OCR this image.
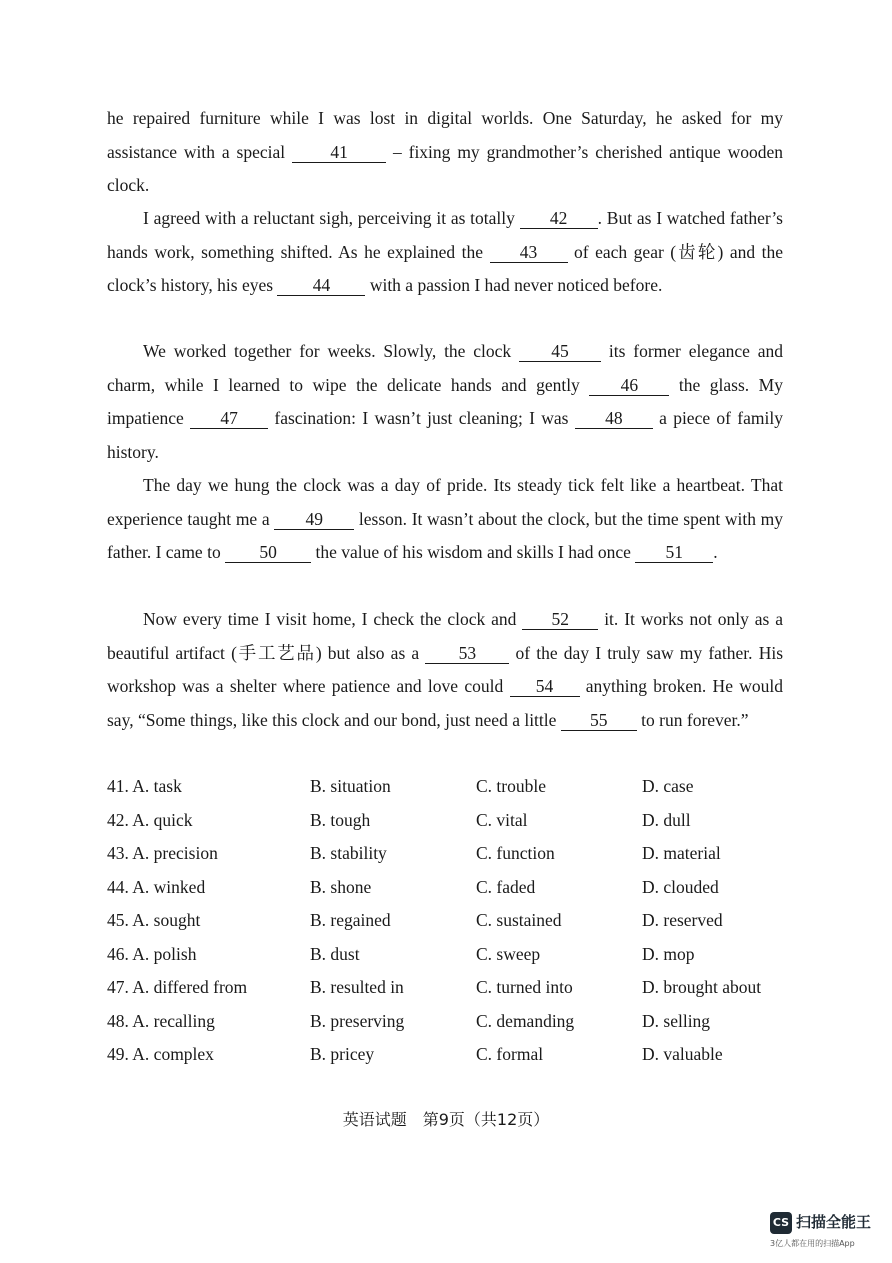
he repaired furniture while I was lost in digital worlds. One Saturday, he asked for my assistance with a special 41 – fixing my grandmother’s cherished antique wooden clock.
I agreed with a reluctant sigh, perceiving it as totally 42 . But as I watched father’s hands work, something shifted. As he explained the 43 of each gear (齿轮) and the clock’s history, his eyes 44 with a passion I had never noticed before.
We worked together for weeks. Slowly, the clock 45 its former elegance and charm, while I learned to wipe the delicate hands and gently 46 the glass. My impatience 47 fascination: I wasn’t just cleaning; I was 48 a piece of family history.
The day we hung the clock was a day of pride. Its steady tick felt like a heartbeat. That experience taught me a 49 lesson. It wasn’t about the clock, but the time spent with my father. I came to 50 the value of his wisdom and skills I had once 51 .
Now every time I visit home, I check the clock and 52 it. It works not only as a beautiful artifact (手工艺品) but also as a 53 of the day I truly saw my father. His workshop was a shelter where patience and love could 54 anything broken. He would say, “Some things, like this clock and our bond, just need a little 55 to run forever.”
41. A. task	B. situation	C. trouble	D. case
42. A. quick	B. tough	C. vital	D. dull
43. A. precision	B. stability	C. function	D. material
44. A. winked	B. shone	C. faded	D. clouded
45. A. sought	B. regained	C. sustained	D. reserved
46. A. polish	B. dust	C. sweep	D. mop
47. A. differed from	B. resulted in	C. turned into	D. brought about
48. A. recalling	B. preserving	C. demanding	D. selling
49. A. complex	B. pricey	C. formal	D. valuable
英语试题　第9页（共12页）
CS 扫描全能王
3亿人都在用的扫描App
